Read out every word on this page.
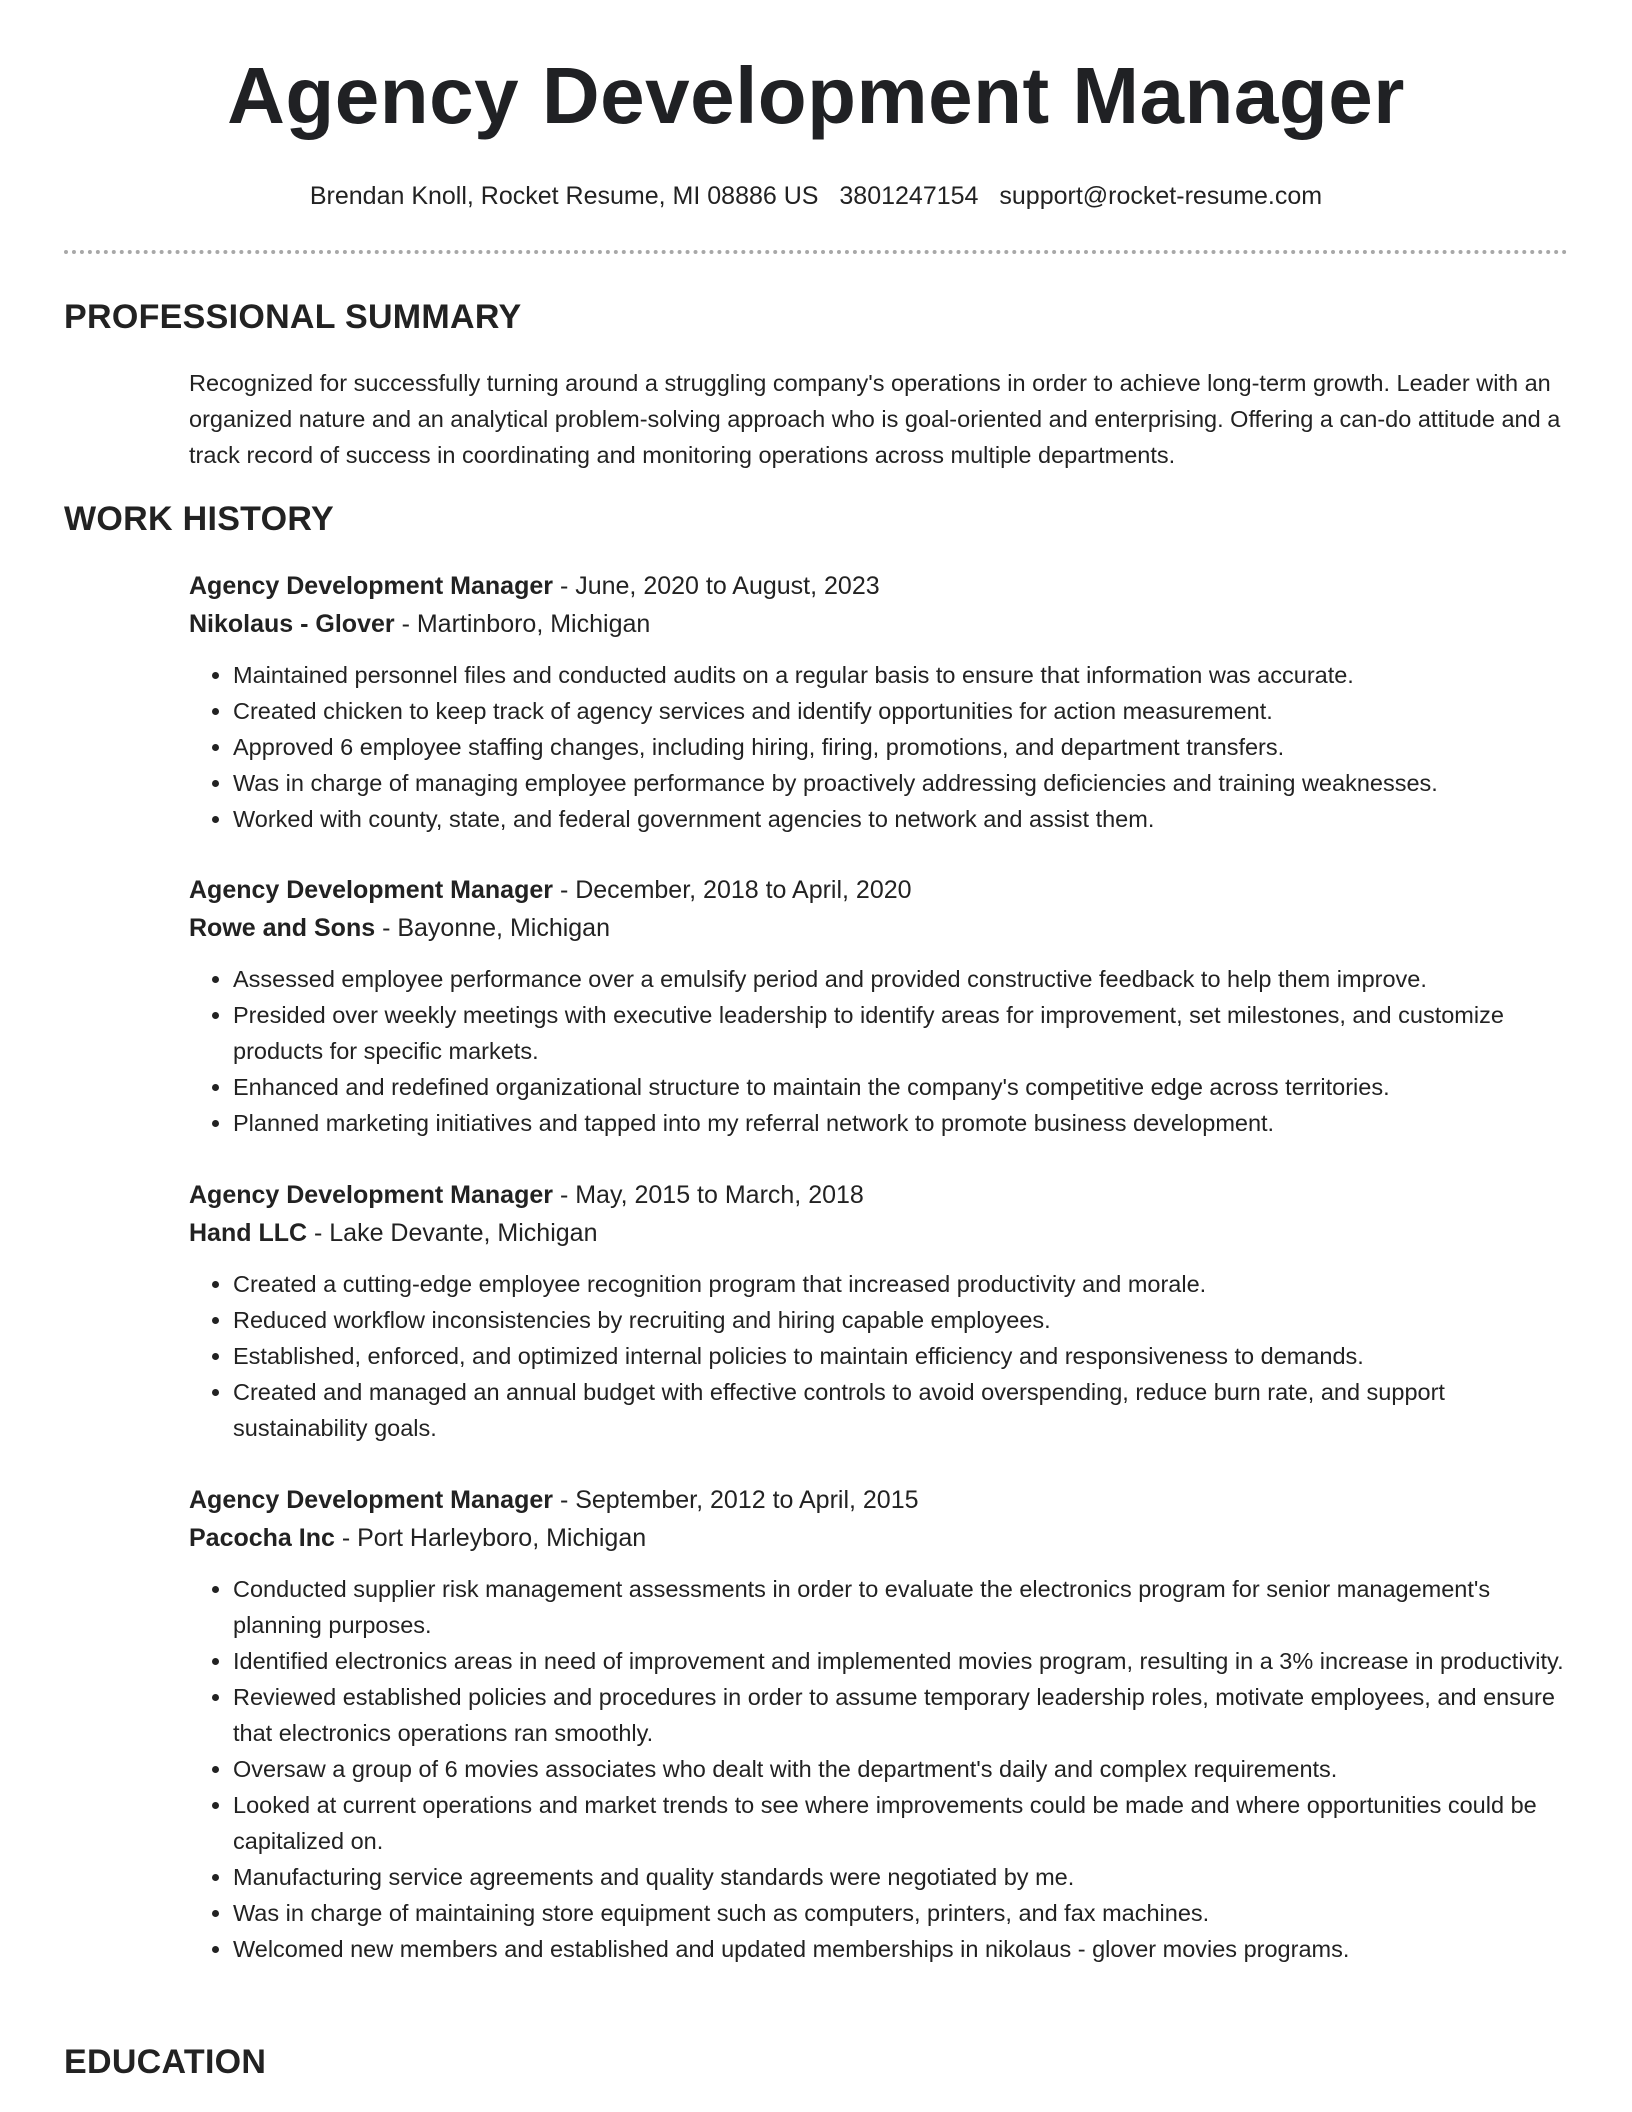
Agency Development Manager
Brendan Knoll, Rocket Resume, MI 08886 US 3801247154 support@rocket-resume.com
PROFESSIONAL SUMMARY

Recognized for successfully turning around a struggling company's operations in order to achieve long-term growth. Leader with an organized nature and an analytical problem-solving approach who is goal-oriented and enterprising. Offering a can-do attitude and a track record of success in coordinating and monitoring operations across multiple departments.

WORK HISTORY

Agency Development Manager - June, 2020 to August, 2023

Nikolaus - Glover - Martinboro, Michigan

• Maintained personnel files and conducted audits on a regular basis to ensure that information was accurate.
• Created chicken to keep track of agency services and identify opportunities for action measurement.
• Approved 6 employee staffing changes, including hiring, firing, promotions, and department transfers.
• Was in charge of managing employee performance by proactively addressing deficiencies and training weaknesses.
• Worked with county, state, and federal government agencies to network and assist them.

Agency Development Manager - December, 2018 to April, 2020

Rowe and Sons - Bayonne, Michigan

• Assessed employee performance over a emulsify period and provided constructive feedback to help them improve.
• Presided over weekly meetings with executive leadership to identify areas for improvement, set milestones, and customize products for specific markets.
• Enhanced and redefined organizational structure to maintain the company's competitive edge across territories.
• Planned marketing initiatives and tapped into my referral network to promote business development.

Agency Development Manager - May, 2015 to March, 2018

Hand LLC - Lake Devante, Michigan

• Created a cutting-edge employee recognition program that increased productivity and morale.
• Reduced workflow inconsistencies by recruiting and hiring capable employees.
• Established, enforced, and optimized internal policies to maintain efficiency and responsiveness to demands.
• Created and managed an annual budget with effective controls to avoid overspending, reduce burn rate, and support sustainability goals.

Agency Development Manager - September, 2012 to April, 2015

Pacocha Inc - Port Harleyboro, Michigan

• Conducted supplier risk management assessments in order to evaluate the electronics program for senior management's planning purposes.
• Identified electronics areas in need of improvement and implemented movies program, resulting in a 3% increase in productivity.
• Reviewed established policies and procedures in order to assume temporary leadership roles, motivate employees, and ensure that electronics operations ran smoothly.
• Oversaw a group of 6 movies associates who dealt with the department's daily and complex requirements.
• Looked at current operations and market trends to see where improvements could be made and where opportunities could be capitalized on.
• Manufacturing service agreements and quality standards were negotiated by me.
• Was in charge of maintaining store equipment such as computers, printers, and fax machines.
• Welcomed new members and established and updated memberships in nikolaus - glover movies programs.
EDUCATION
